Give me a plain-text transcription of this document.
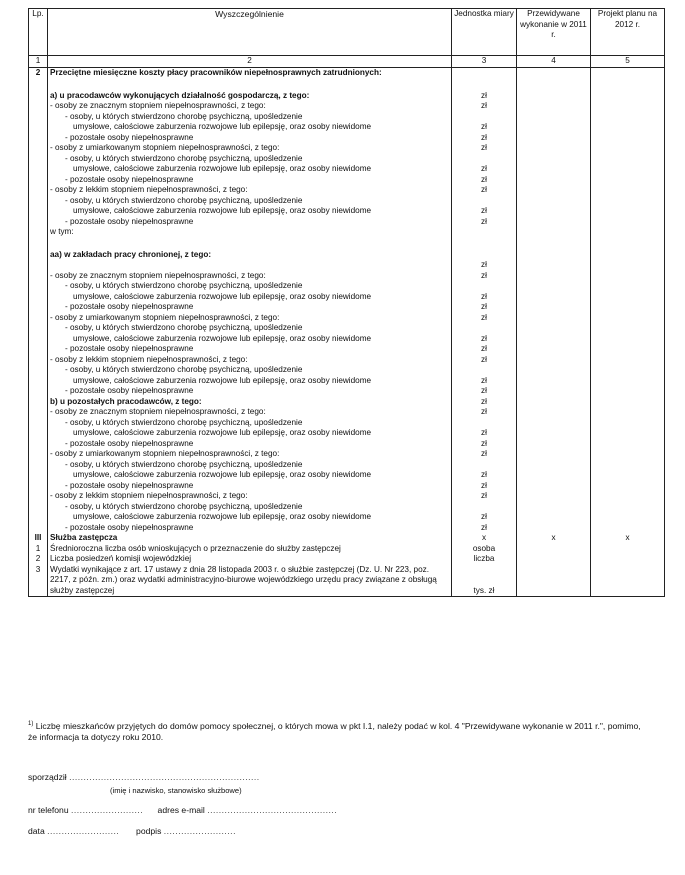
Lp.	Wyszczególnienie	Jednostka miary	Przewidywane wykonanie w 2011 r.	Projekt planu na 2012 r.
1	2	3	4	5
2	Przeciętne miesięczne koszty płacy pracowników niepełnosprawnych zatrudnionych:			

	a) u pracodawców wykonujących działalność gospodarczą, z tego:	zł		
	- osoby ze znacznym stopniem niepełnosprawności, z tego:	zł		
	- osoby, u których stwierdzono chorobę psychiczną, upośledzenie			
	umysłowe, całościowe zaburzenia rozwojowe lub epilepsję, oraz osoby niewidome	zł		
	- pozostałe osoby niepełnosprawne	zł		
	- osoby z umiarkowanym stopniem niepełnosprawności, z tego:	zł		
	- osoby, u których stwierdzono chorobę psychiczną, upośledzenie			
	umysłowe, całościowe zaburzenia rozwojowe lub epilepsję, oraz osoby niewidome	zł		
	- pozostałe osoby niepełnosprawne	zł		
	- osoby z lekkim stopniem niepełnosprawności, z tego:	zł		
	- osoby, u których stwierdzono chorobę psychiczną, upośledzenie			
	umysłowe, całościowe zaburzenia rozwojowe lub epilepsję, oraz osoby niewidome	zł		
	- pozostałe osoby niepełnosprawne	zł		
	w tym:			

	aa) w zakładach pracy chronionej, z tego:			
		zł		
	- osoby ze znacznym stopniem niepełnosprawności, z tego:	zł		
	- osoby, u których stwierdzono chorobę psychiczną, upośledzenie			
	umysłowe, całościowe zaburzenia rozwojowe lub epilepsję, oraz osoby niewidome	zł		
	- pozostałe osoby niepełnosprawne	zł		
	- osoby z umiarkowanym stopniem niepełnosprawności, z tego:	zł		
	- osoby, u których stwierdzono chorobę psychiczną, upośledzenie			
	umysłowe, całościowe zaburzenia rozwojowe lub epilepsję, oraz osoby niewidome	zł		
	- pozostałe osoby niepełnosprawne	zł		
	- osoby z lekkim stopniem niepełnosprawności, z tego:	zł		
	- osoby, u których stwierdzono chorobę psychiczną, upośledzenie			
	umysłowe, całościowe zaburzenia rozwojowe lub epilepsję, oraz osoby niewidome	zł		
	- pozostałe osoby niepełnosprawne	zł		
	b) u pozostałych pracodawców, z tego:	zł		
	- osoby ze znacznym stopniem niepełnosprawności, z tego:	zł		
	- osoby, u których stwierdzono chorobę psychiczną, upośledzenie			
	umysłowe, całościowe zaburzenia rozwojowe lub epilepsję, oraz osoby niewidome	zł		
	- pozostałe osoby niepełnosprawne	zł		
	- osoby z umiarkowanym stopniem niepełnosprawności, z tego:	zł		
	- osoby, u których stwierdzono chorobę psychiczną, upośledzenie			
	umysłowe, całościowe zaburzenia rozwojowe lub epilepsję, oraz osoby niewidome	zł		
	- pozostałe osoby niepełnosprawne	zł		
	- osoby z lekkim stopniem niepełnosprawności, z tego:	zł		
	- osoby, u których stwierdzono chorobę psychiczną, upośledzenie			
	umysłowe, całościowe zaburzenia rozwojowe lub epilepsję, oraz osoby niewidome	zł		
	- pozostałe osoby niepełnosprawne	zł		
III	Służba zastępcza	x	x	x
1	Średnioroczna liczba osób wnioskujących o przeznaczenie do służby zastępczej	osoba		
2	Liczba posiedzeń komisji wojewódzkiej	liczba		
3	Wydatki wynikające z art. 17 ustawy z dnia 28 listopada 2003 r. o służbie zastępczej (Dz. U. Nr 223, poz. 2217, z późn. zm.) oraz wydatki administracyjno-biurowe wojewódzkiego urzędu pracy związane z obsługą służby zastępczej	tys. zł		
$^{1)}$ Liczbę mieszkańców przyjętych do domów pomocy społecznej, o których mowa w pkt I.1, należy podać w kol. 4 "Przewidywane wykonanie w 2011 r.", pomimo, że informacja ta dotyczy roku 2010.
sporządził ..................................................................
(imię i nazwisko, stanowisko służbowe)
nr telefonu ......................... adres e-mail .............................................
data ......................... podpis .........................
